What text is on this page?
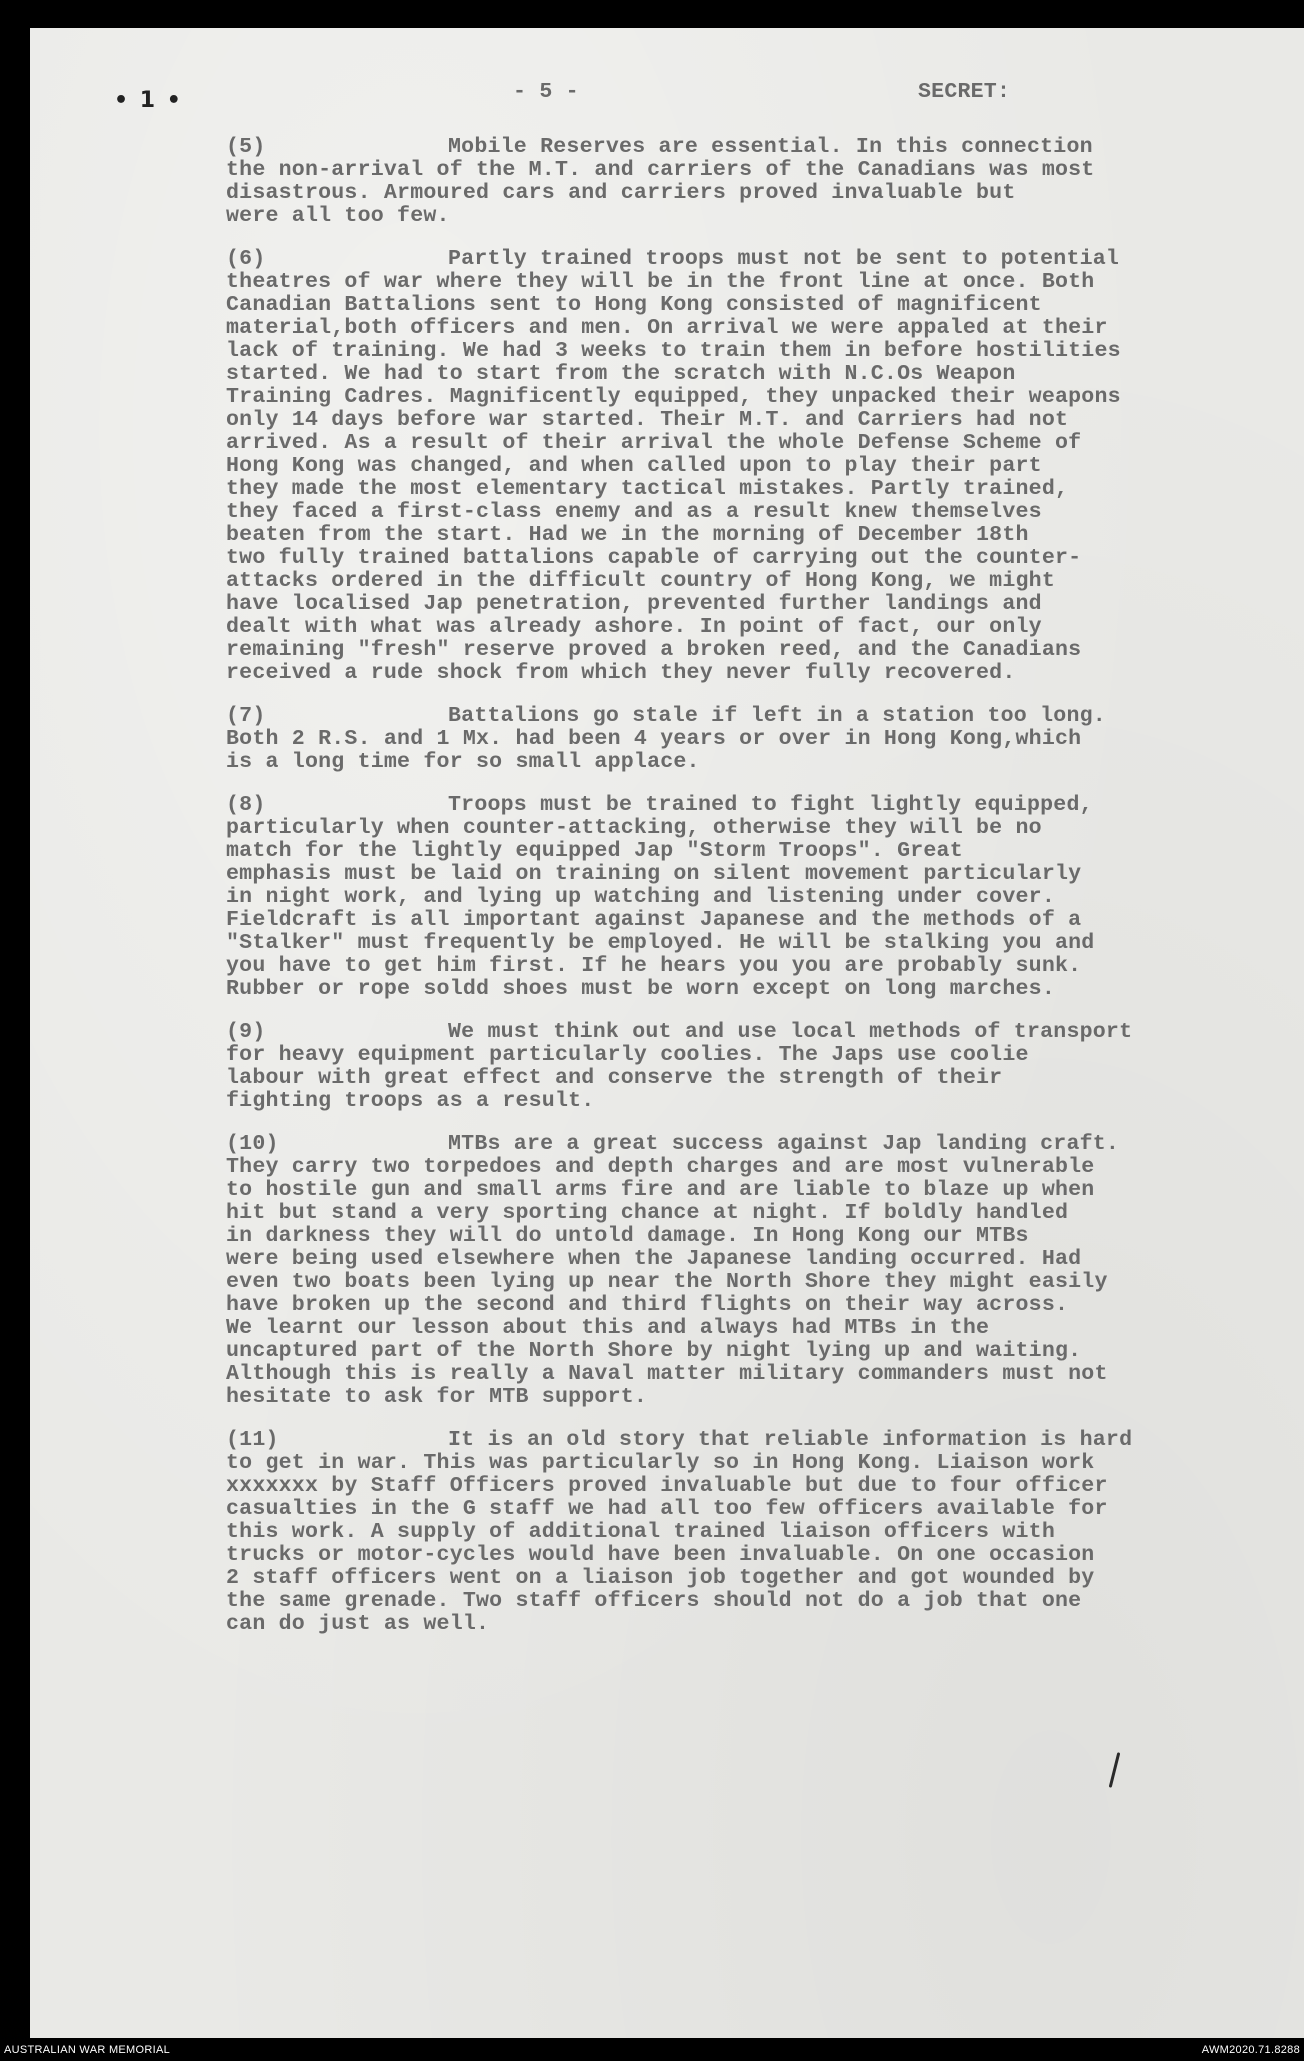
• 1 •	- 5 -	SECRET:
(5)	Mobile Reserves are essential. In this connection
the non-arrival of the M.T. and carriers of the Canadians was most
disastrous. Armoured cars and carriers proved invaluable but
were all too few.
(6)	Partly trained troops must not be sent to potential
theatres of war where they will be in the front line at once. Both
Canadian Battalions sent to Hong Kong consisted of magnificent
material,both officers and men. On arrival we were appaled at their
lack of training. We had 3 weeks to train them in before hostilities
started. We had to start from the scratch with N.C.Os Weapon
Training Cadres. Magnificently equipped, they unpacked their weapons
only 14 days before war started. Their M.T. and Carriers had not
arrived. As a result of their arrival the whole Defense Scheme of
Hong Kong was changed, and when called upon to play their part
they made the most elementary tactical mistakes. Partly trained,
they faced a first-class enemy and as a result knew themselves
beaten from the start. Had we in the morning of December 18th
two fully trained battalions capable of carrying out the counter-
attacks ordered in the difficult country of Hong Kong, we might
have localised Jap penetration, prevented further landings and
dealt with what was already ashore. In point of fact, our only
remaining "fresh" reserve proved a broken reed, and the Canadians
received a rude shock from which they never fully recovered.
(7)	Battalions go stale if left in a station too long.
Both 2 R.S. and 1 Mx. had been 4 years or over in Hong Kong,which
is a long time for so small applace.
(8)	Troops must be trained to fight lightly equipped,
particularly when counter-attacking, otherwise they will be no
match for the lightly equipped Jap "Storm Troops". Great
emphasis must be laid on training on silent movement particularly
in night work, and lying up watching and listening under cover.
Fieldcraft is all important against Japanese and the methods of a
"Stalker" must frequently be employed. He will be stalking you and
you have to get him first. If he hears you you are probably sunk.
Rubber or rope soldd shoes must be worn except on long marches.
(9)	We must think out and use local methods of transport
for heavy equipment particularly coolies. The Japs use coolie
labour with great effect and conserve the strength of their
fighting troops as a result.
(10)	MTBs are a great success against Jap landing craft.
They carry two torpedoes and depth charges and are most vulnerable
to hostile gun and small arms fire and are liable to blaze up when
hit but stand a very sporting chance at night. If boldly handled
in darkness they will do untold damage. In Hong Kong our MTBs
were being used elsewhere when the Japanese landing occurred. Had
even two boats been lying up near the North Shore they might easily
have broken up the second and third flights on their way across.
We learnt our lesson about this and always had MTBs in the
uncaptured part of the North Shore by night lying up and waiting.
Although this is really a Naval matter military commanders must not
hesitate to ask for MTB support.
(11)	It is an old story that reliable information is hard
to get in war. This was particularly so in Hong Kong. Liaison work
xxxxxxx by Staff Officers proved invaluable but due to four officer
casualties in the G staff we had all too few officers available for
this work. A supply of additional trained liaison officers with
trucks or motor-cycles would have been invaluable. On one occasion
2 staff officers went on a liaison job together and got wounded by
the same grenade. Two staff officers should not do a job that one
can do just as well.
AUSTRALIAN WAR MEMORIAL	AWM2020.71.8288
